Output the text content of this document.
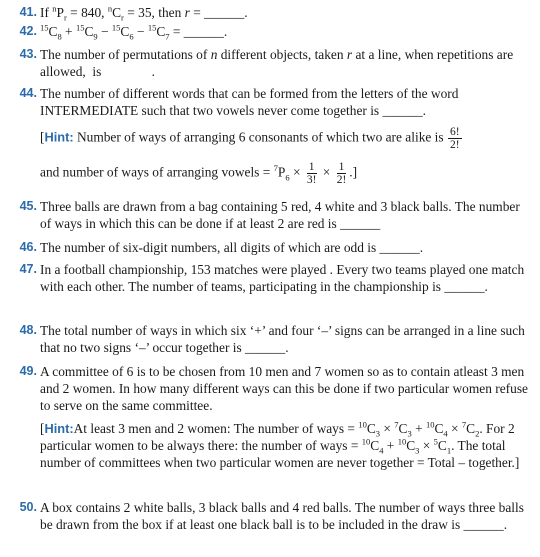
41. If $^nP_r = 840$, $^nC_r = 35$, then r = ______.
42. $^{15}C_8 + ^{15}C_9 - ^{15}C_6 - ^{15}C_7$ = ______.
43. The number of permutations of n different objects, taken r at a line, when repetitions are allowed,  is               .
44. The number of different words that can be formed from the letters of the word INTERMEDIATE such that two vowels never come together is ______.
[Hint: Number of ways of arranging 6 consonants of which two are alike is $\frac{6!}{2!}$
and number of ways of arranging vowels = $^7P_6 \times \frac{1}{3!} \times \frac{1}{2!}$ .]
45. Three balls are drawn from a bag containing 5 red, 4 white and 3 black balls. The number of ways in which this can be done if at least 2 are red is ______
46. The number of six-digit numbers, all digits of which are odd is ______.
47. In a football championship, 153 matches were played . Every two teams played one match with each other. The number of teams, participating in the championship is ______.
48. The total number of ways in which six ‘+’ and four ‘–’ signs can be arranged in a line such that no two signs ‘–’ occur together is ______.
49. A committee of 6 is to be chosen from 10 men and 7 women so as to contain atleast 3 men and 2 women. In how many different ways can this be done if two particular women refuse to serve on the same committee.
[Hint:At least 3 men and 2 women: The number of ways = $^{10}C_3 \times ^7C_3 + ^{10}C_4 \times ^7C_2$. For 2 particular women to be always there: the number of ways = $^{10}C_4 + ^{10}C_3 \times ^5C_1$. The total number of committees when two particular women are never together = Total – together.]
50. A box contains 2 white balls, 3 black balls and 4 red balls. The number of ways three balls be drawn from the box if at least one black ball is to be included in the draw is ______.
